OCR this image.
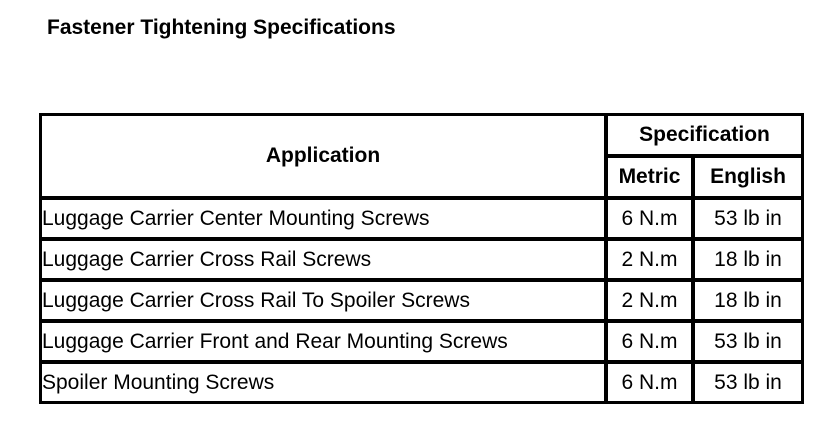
Fastener Tightening Specifications
Application	Specification	
	Metric	English
Luggage Carrier Center Mounting Screws	6 N.m	53 lb in
Luggage Carrier Cross Rail Screws	2 N.m	18 lb in
Luggage Carrier Cross Rail To Spoiler Screws	2 N.m	18 lb in
Luggage Carrier Front and Rear Mounting Screws	6 N.m	53 lb in
Spoiler Mounting Screws	6 N.m	53 lb in
